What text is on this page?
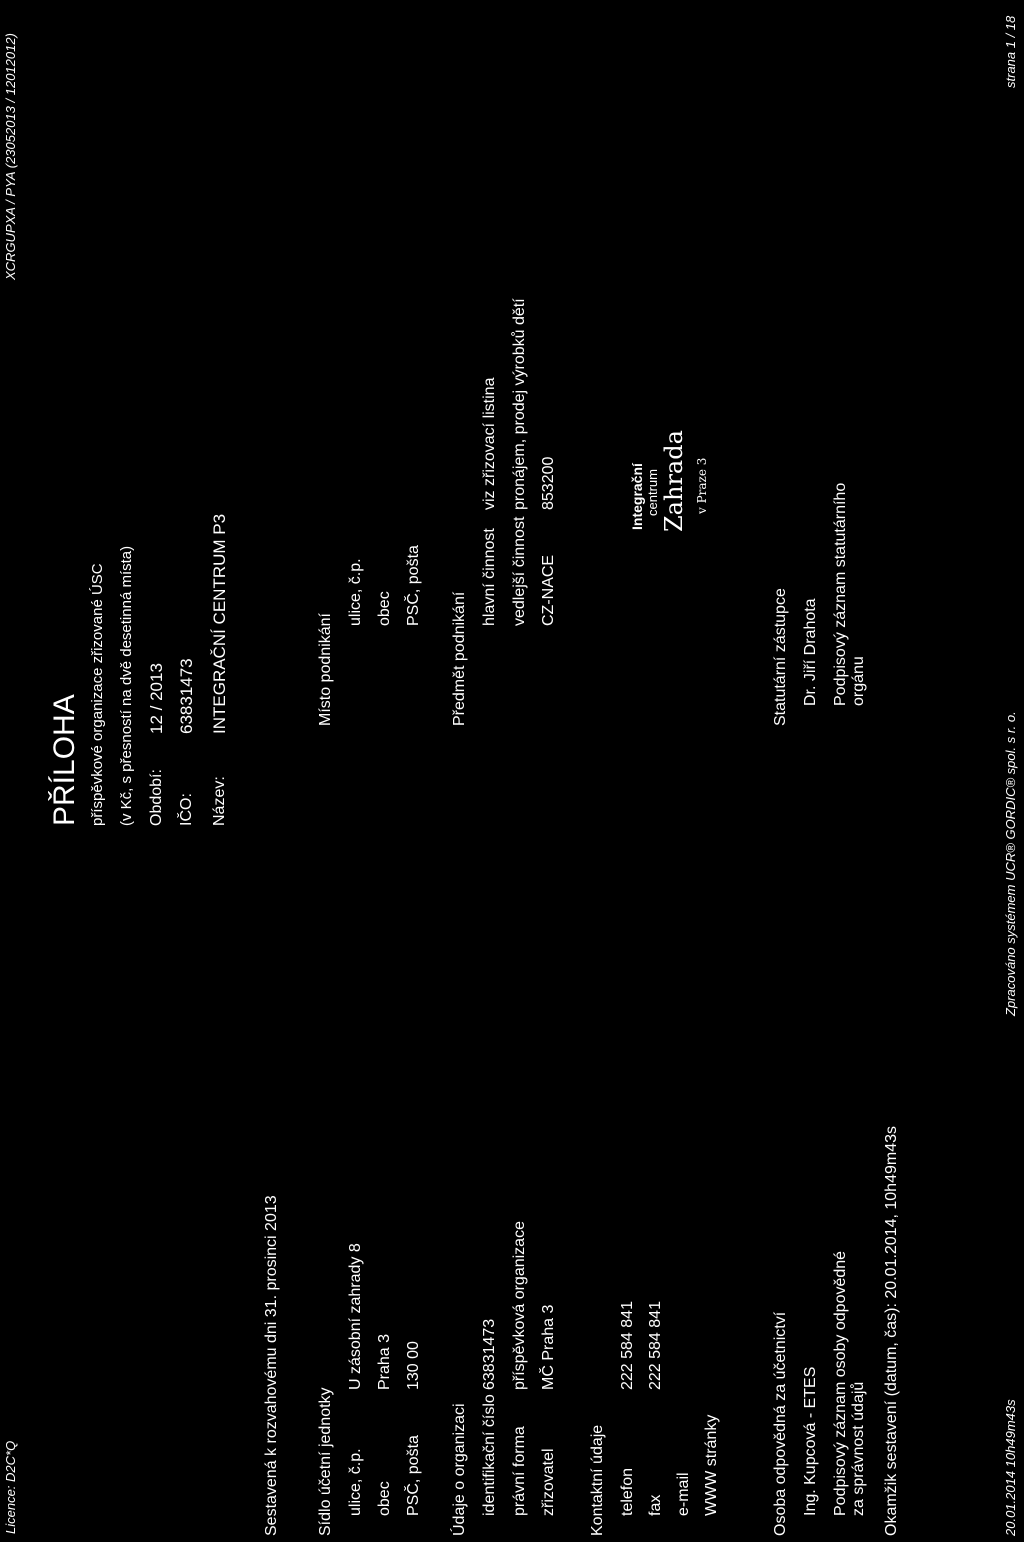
Licence: D2C*Q
XCRGUPXA / PYA (23052013 / 12012012)
PŘÍLOHA příspěvkové organizace zřizované ÚSC (v Kč, s přesností na dvě desetinná místa) Období:
12 / 2013
IČO:
63831473
Název:
INTEGRAČNÍ CENTRUM P3
Sestavená k rozvahovému dni 31. prosinci 2013 Sídlo účetní jednotky ulice, č.p.
U zásobní zahrady 8
obec
Praha 3
PSČ, pošta
130 00
Místo podnikání
ulice, č.p. obec PSČ, pošta
Údaje o organizaci identifikační číslo
63831473
právní forma
příspěvková organizace
zřizovatel
MČ Praha 3
Předmět podnikání
hlavní činnost
viz zřizovací listina
vedlejší činnost
pronájem, prodej výrobků dětí
CZ-NACE
853200
Kontaktní údaje telefon
222 584 841
fax
222 584 841
e-mail WWW stránky
Integrační centrum Zahrada v Praze 3
Osoba odpovědná za účetnictví Ing. Kupcová - ETES Podpisový záznam osoby odpovědné za správnost údajů
Statutární zástupce Dr. Jiří Drahota Podpisový záznam statutárního orgánu
Okamžik sestavení (datum, čas): 20.01.2014, 10h49m43s	20.01.2014 10h49m43s
Zpracováno systémem UCR® GORDIC® spol. s r. o.
strana 1 / 18
